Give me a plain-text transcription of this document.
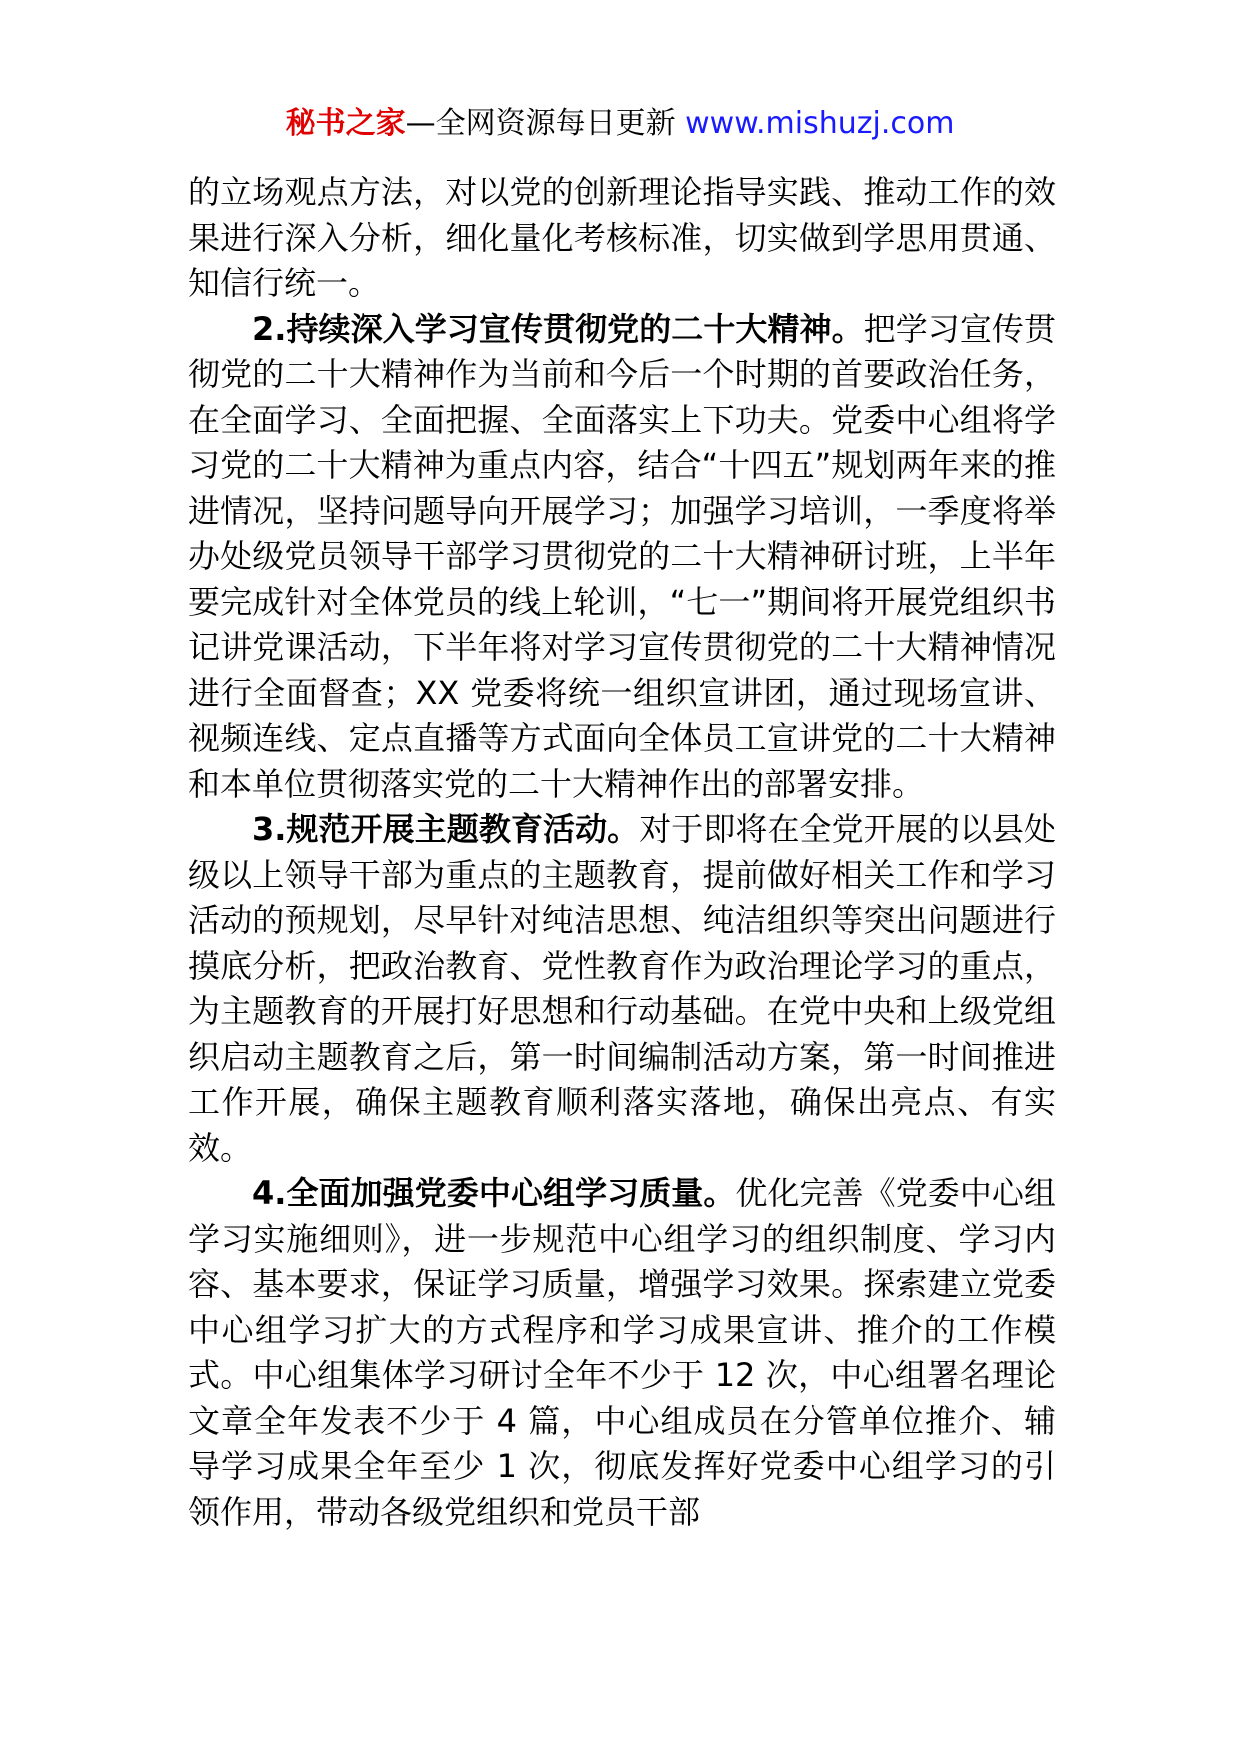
秘书之家—全网资源每日更新 www.mishuzj.com

的立场观点方法，对以党的创新理论指导实践、推动工作的效果进行深入分析，细化量化考核标准，切实做到学思用贯通、知信行统一。

2.持续深入学习宣传贯彻党的二十大精神。把学习宣传贯彻党的二十大精神作为当前和今后一个时期的首要政治任务，在全面学习、全面把握、全面落实上下功夫。党委中心组将学习党的二十大精神为重点内容，结合“十四五”规划两年来的推进情况，坚持问题导向开展学习；加强学习培训，一季度将举办处级党员领导干部学习贯彻党的二十大精神研讨班，上半年要完成针对全体党员的线上轮训，“七一”期间将开展党组织书记讲党课活动，下半年将对学习宣传贯彻党的二十大精神情况进行全面督查；XX 党委将统一组织宣讲团，通过现场宣讲、视频连线、定点直播等方式面向全体员工宣讲党的二十大精神和本单位贯彻落实党的二十大精神作出的部署安排。

3.规范开展主题教育活动。对于即将在全党开展的以县处级以上领导干部为重点的主题教育，提前做好相关工作和学习活动的预规划，尽早针对纯洁思想、纯洁组织等突出问题进行摸底分析，把政治教育、党性教育作为政治理论学习的重点，为主题教育的开展打好思想和行动基础。在党中央和上级党组织启动主题教育之后，第一时间编制活动方案，第一时间推进工作开展，确保主题教育顺利落实落地，确保出亮点、有实效。

4.全面加强党委中心组学习质量。优化完善《党委中心组学习实施细则》，进一步规范中心组学习的组织制度、学习内容、基本要求，保证学习质量，增强学习效果。探索建立党委中心组学习扩大的方式程序和学习成果宣讲、推介的工作模式。中心组集体学习研讨全年不少于 12 次，中心组署名理论文章全年发表不少于 4 篇，中心组成员在分管单位推介、辅导学习成果全年至少 1 次，彻底发挥好党委中心组学习的引领作用，带动各级党组织和党员干部
